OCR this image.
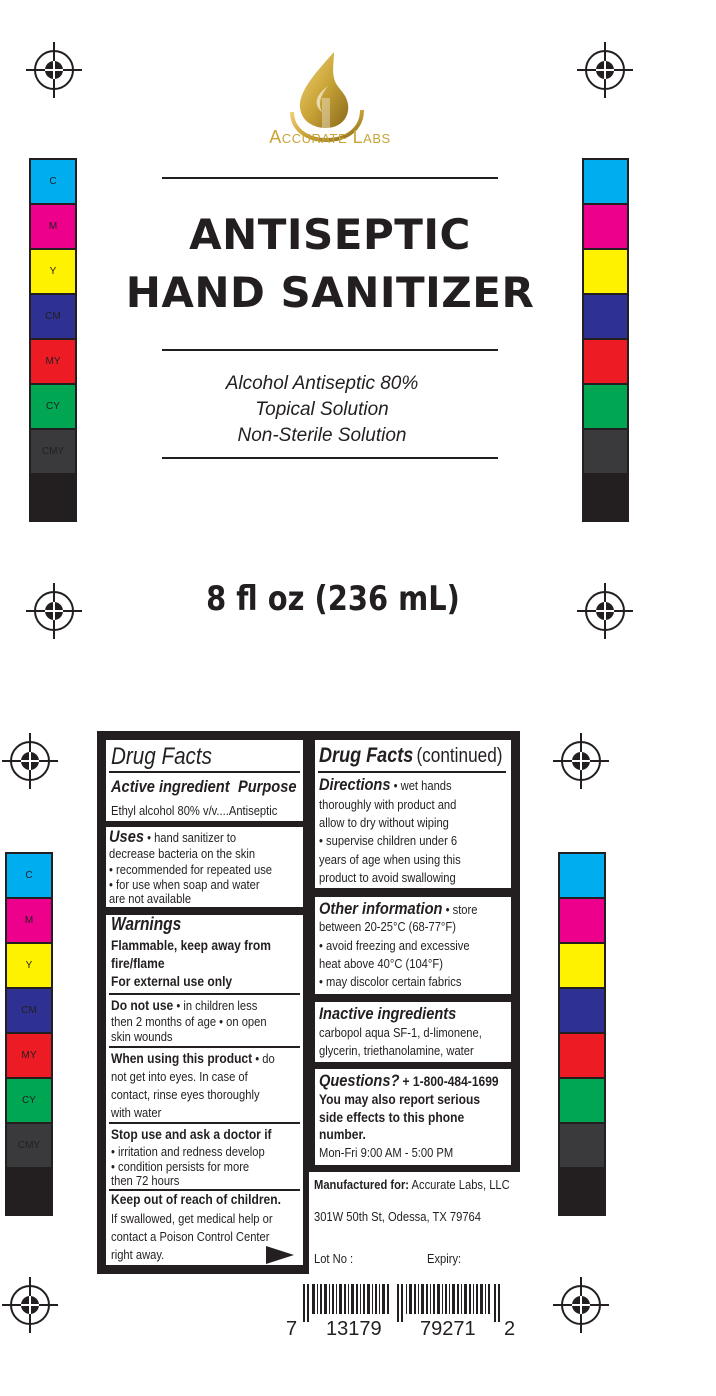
C
M
Y
CM
MY
CY
CMY
K
C
M
Y
CM
MY
CY
CMY
K
Accurate Labs
ANTISEPTIC
HAND SANITIZER
Alcohol Antiseptic 80%
Topical Solution
Non-Sterile Solution
8 fl oz (236 mL)
Drug Facts
Active ingredient Purpose
Ethyl alcohol 80% v/v....Antiseptic
Uses • hand sanitizer to
decrease bacteria on the skin
• recommended for repeated use
• for use when soap and water
are not available
Warnings
Flammable, keep away from
fire/flame
For external use only
Do not use • in children less
then 2 months of age • on open
skin wounds
When using this product • do
not get into eyes. In case of
contact, rinse eyes thoroughly
with water
Stop use and ask a doctor if
• irritation and redness develop
• condition persists for more
then 72 hours
Keep out of reach of children.
If swallowed, get medical help or
contact a Poison Control Center
right away.
Drug Facts (continued)
Directions • wet hands
thoroughly with product and
allow to dry without wiping
• supervise children under 6
years of age when using this
product to avoid swallowing
Other information • store
between 20-25°C (68-77°F)
• avoid freezing and excessive
heat above 40°C (104°F)
• may discolor certain fabrics
Inactive ingredients
carbopol aqua SF-1, d-limonene,
glycerin, triethanolamine, water
Questions? + 1-800-484-1699
You may also report serious
side effects to this phone
number.
Mon-Fri 9:00 AM - 5:00 PM
Manufactured for: Accurate Labs, LLC
301W 50th St, Odessa, TX 79764
Lot No :	Expiry:
7 13179 79271 2
